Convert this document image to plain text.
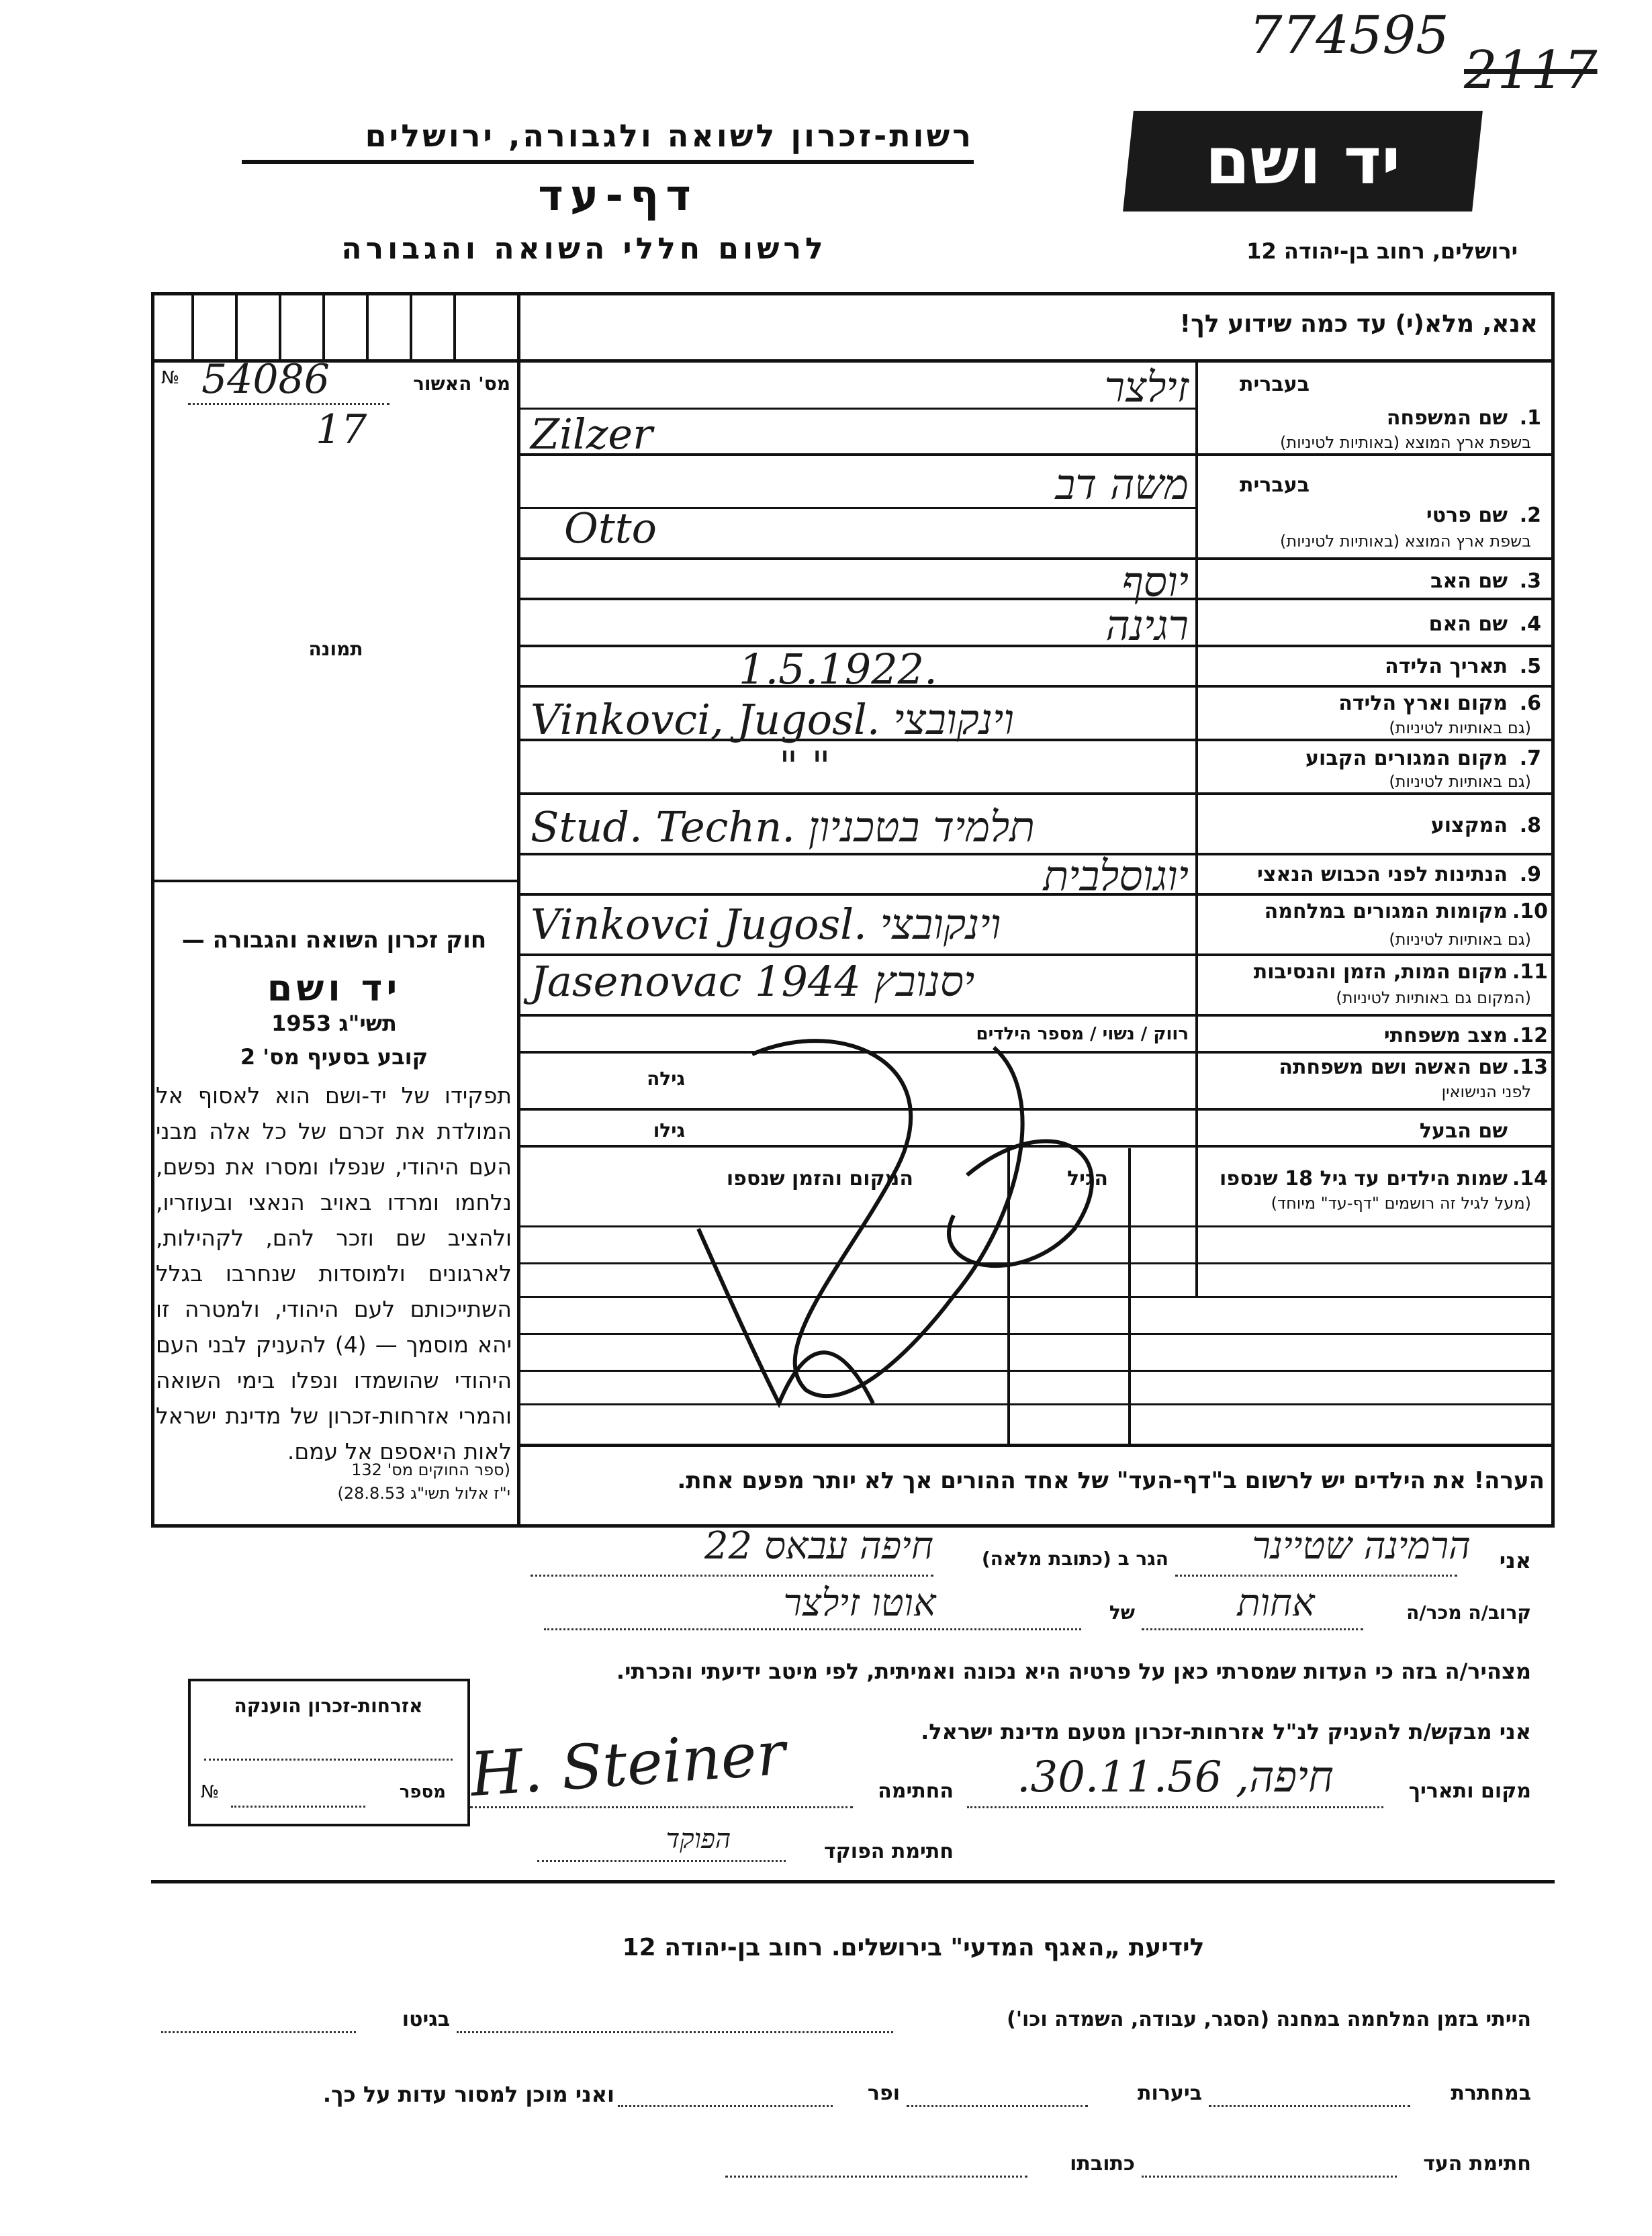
774595
2117
רשות-זכרון לשואה ולגבורה, ירושלים
דף-עד
לרשום חללי השואה והגבורה
יד ושם
ירושלים, רחוב בן-יהודה 12
אנא, מלא(י) עד כמה שידוע לך!
№	מס' האשור
54086
17
תמונה
חוק זכרון השואה והגבורה —
יד ושם
תשי"ג 1953
קובע בסעיף מס' 2
תפקידו של יד-ושם הוא לאסוף אל המולדת את זכרם של כל אלה מבני העם היהודי, שנפלו ומסרו את נפשם, נלחמו ומרדו באויב הנאצי ובעוזריו, ולהציב שם וזכר להם, לקהילות, לארגונים ולמוסדות שנחרבו בגלל השתייכותם לעם היהודי, ולמטרה זו יהא מוסמך — (4) להעניק לבני העם היהודי שהושמדו ונפלו בימי השואה והמרי אזרחות-זכרון של מדינת ישראל לאות היאספם אל עמם.
(ספר החוקים מס' 132
י"ז אלול תשי"ג 28.8.53)
בעברית
שם המשפחה 1.
בשפת ארץ המוצא (באותיות לטיניות)
זילצר
Zilzer
בעברית
שם פרטי 2.
בשפת ארץ המוצא (באותיות לטיניות)
משה דב
Otto
שם האב 3.
יוסף
שם האם 4.
רגינה
תאריך הלידה 5.
1.5.1922.
מקום וארץ הלידה 6.
(גם באותיות לטיניות)
Vinkovci, Jugosl. וינקובצי
מקום המגורים הקבוע 7.
(גם באותיות לטיניות)
" "
המקצוע 8.
Stud. Techn. תלמיד בטכניון
הנתינות לפני הכבוש הנאצי 9.
יוגוסלבית
מקומות המגורים במלחמה 10.
(גם באותיות לטיניות)
Vinkovci Jugosl. וינקובצי
מקום המות, הזמן והנסיבות 11.
(המקום גם באותיות לטיניות)
Jasenovac 1944 יסנובץ
מצב משפחתי 12.
רווק / נשוי / מספר הילדים
שם האשה ושם משפחתה 13.
לפני הנישואין
גילה
שם הבעל
גילו
שמות הילדים עד גיל 18 שנספו 14.
(מעל לגיל זה רושמים "דף-עד" מיוחד)
הגיל
המקום והזמן שנספו
הערה! את הילדים יש לרשום ב"דף-העד" של אחד ההורים אך לא יותר מפעם אחת.
אני
הרמינה שטיינר
הגר ב (כתובת מלאה)
חיפה עבאס 22
קרוב/ה מכר/ה
אחות
של
אוטו זילצר
מצהיר/ה בזה כי העדות שמסרתי כאן על פרטיה היא נכונה ואמיתית, לפי מיטב ידיעתי והכרתי.
אני מבקש/ת להעניק לנ"ל אזרחות-זכרון מטעם מדינת ישראל.
מקום ותאריך
חיפה, 30.11.56.
החתימה
H. Steiner
חתימת הפוקד
הפוקד
אזרחות-זכרון הוענקה
מספר
№
לידיעת „האגף המדעי" בירושלים. רחוב בן-יהודה 12
הייתי בזמן המלחמה במחנה (הסגר, עבודה, השמדה וכו')
בגיטו
במחתרת
ביערות
ופר
ואני מוכן למסור עדות על כך.
חתימת העד
כתובתו
